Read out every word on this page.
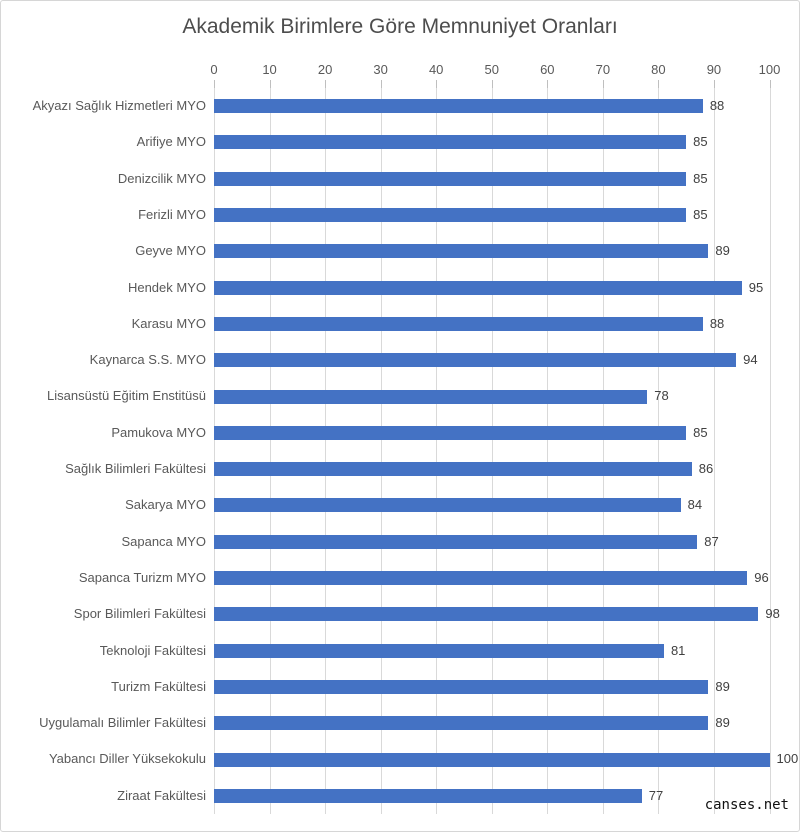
Akademik Birimlere Göre Memnuniyet Oranları
0	10	20	30	40	50	60	70	80	90	100
Akyazı Sağlık Hizmetleri MYO	88
Arifiye MYO	85
Denizcilik MYO	85
Ferizli MYO	85
Geyve MYO	89
Hendek MYO	95
Karasu MYO	88
Kaynarca S.S. MYO	94
Lisansüstü Eğitim Enstitüsü	78
Pamukova MYO	85
Sağlık Bilimleri Fakültesi	86
Sakarya MYO	84
Sapanca MYO	87
Sapanca Turizm MYO	96
Spor Bilimleri Fakültesi	98
Teknoloji Fakültesi	81
Turizm Fakültesi	89
Uygulamalı Bilimler Fakültesi	89
Yabancı Diller Yüksekokulu	100
Ziraat Fakültesi	77
canses.net
